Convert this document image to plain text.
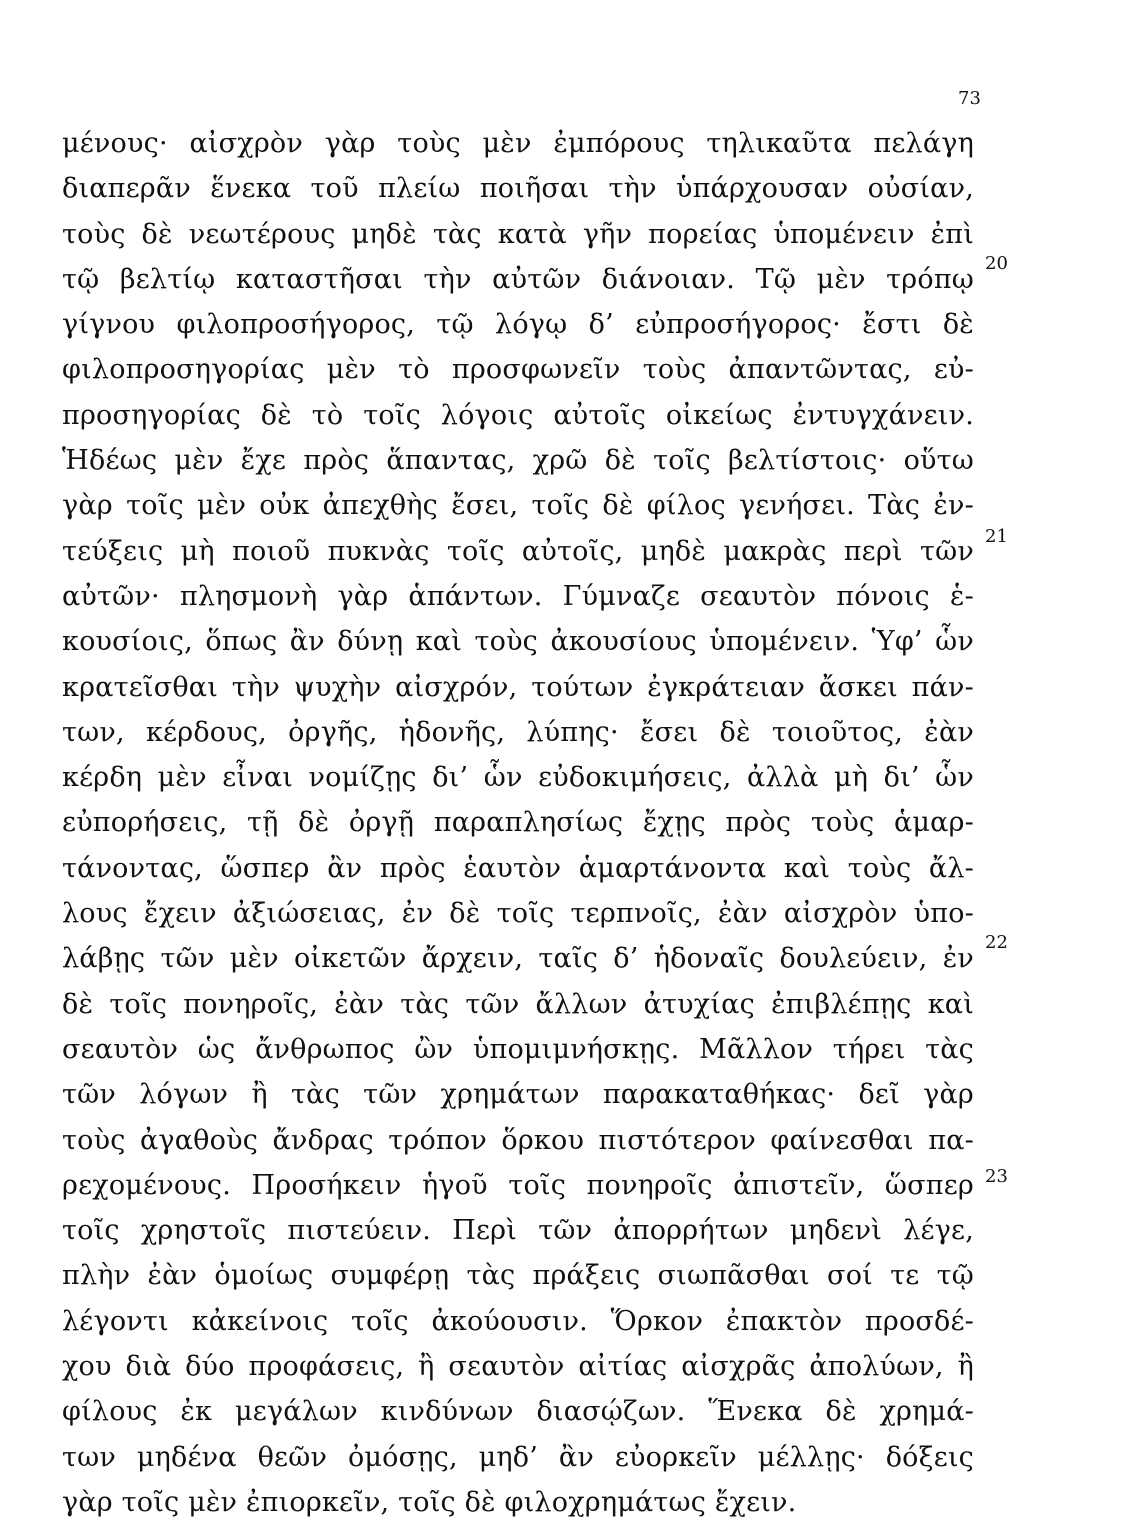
73
μένους· αἰσχρὸν γὰρ τοὺς μὲν ἐμπόρους τηλικαῦτα πελάγη
διαπερᾶν ἕνεκα τοῦ πλείω ποιῆσαι τὴν ὑπάρχουσαν οὐσίαν,
τοὺς δὲ νεωτέρους μηδὲ τὰς κατὰ γῆν πορείας ὑπομένειν ἐπὶ
τῷ βελτίῳ καταστῆσαι τὴν αὐτῶν διάνοιαν. Τῷ μὲν τρόπῳ
γίγνου φιλοπροσήγορος, τῷ λόγῳ δ’ εὐπροσήγορος· ἔστι δὲ
φιλοπροσηγορίας μὲν τὸ προσφωνεῖν τοὺς ἀπαντῶντας, εὐ-
προσηγορίας δὲ τὸ τοῖς λόγοις αὐτοῖς οἰκείως ἐντυγχάνειν.
Ἡδέως μὲν ἔχε πρὸς ἅπαντας, χρῶ δὲ τοῖς βελτίστοις· οὕτω
γὰρ τοῖς μὲν οὐκ ἀπεχθὴς ἔσει, τοῖς δὲ φίλος γενήσει. Τὰς ἐν-
τεύξεις μὴ ποιοῦ πυκνὰς τοῖς αὐτοῖς, μηδὲ μακρὰς περὶ τῶν
αὐτῶν· πλησμονὴ γὰρ ἁπάντων. Γύμναζε σεαυτὸν πόνοις ἑ-
κουσίοις, ὅπως ἂν δύνῃ καὶ τοὺς ἀκουσίους ὑπομένειν. Ὑφ’ ὧν
κρατεῖσθαι τὴν ψυχὴν αἰσχρόν, τούτων ἐγκράτειαν ἄσκει πάν-
των, κέρδους, ὀργῆς, ἡδονῆς, λύπης· ἔσει δὲ τοιοῦτος, ἐὰν
κέρδη μὲν εἶναι νομίζῃς δι’ ὧν εὐδοκιμήσεις, ἀλλὰ μὴ δι’ ὧν
εὐπορήσεις, τῇ δὲ ὀργῇ παραπλησίως ἔχῃς πρὸς τοὺς ἁμαρ-
τάνοντας, ὥσπερ ἂν πρὸς ἑαυτὸν ἁμαρτάνοντα καὶ τοὺς ἄλ-
λους ἔχειν ἀξιώσειας, ἐν δὲ τοῖς τερπνοῖς, ἐὰν αἰσχρὸν ὑπο-
λάβῃς τῶν μὲν οἰκετῶν ἄρχειν, ταῖς δ’ ἡδοναῖς δουλεύειν, ἐν
δὲ τοῖς πονηροῖς, ἐὰν τὰς τῶν ἄλλων ἀτυχίας ἐπιβλέπῃς καὶ
σεαυτὸν ὡς ἄνθρωπος ὢν ὑπομιμνήσκῃς. Μᾶλλον τήρει τὰς
τῶν λόγων ἢ τὰς τῶν χρημάτων παρακαταθήκας· δεῖ γὰρ
τοὺς ἀγαθοὺς ἄνδρας τρόπον ὅρκου πιστότερον φαίνεσθαι πα-
ρεχομένους. Προσήκειν ἡγοῦ τοῖς πονηροῖς ἀπιστεῖν, ὥσπερ
τοῖς χρηστοῖς πιστεύειν. Περὶ τῶν ἀπορρήτων μηδενὶ λέγε,
πλὴν ἐὰν ὁμοίως συμφέρῃ τὰς πράξεις σιωπᾶσθαι σοί τε τῷ
λέγοντι κἀκείνοις τοῖς ἀκούουσιν. Ὅρκον ἐπακτὸν προσδέ-
χου διὰ δύο προφάσεις, ἢ σεαυτὸν αἰτίας αἰσχρᾶς ἀπολύων, ἢ
φίλους ἐκ μεγάλων κινδύνων διασῴζων. Ἕνεκα δὲ χρημά-
των μηδένα θεῶν ὀμόσῃς, μηδ’ ἂν εὐορκεῖν μέλλῃς· δόξεις
γὰρ τοῖς μὲν ἐπιορκεῖν, τοῖς δὲ φιλοχρημάτως ἔχειν.
20
21
22
23
